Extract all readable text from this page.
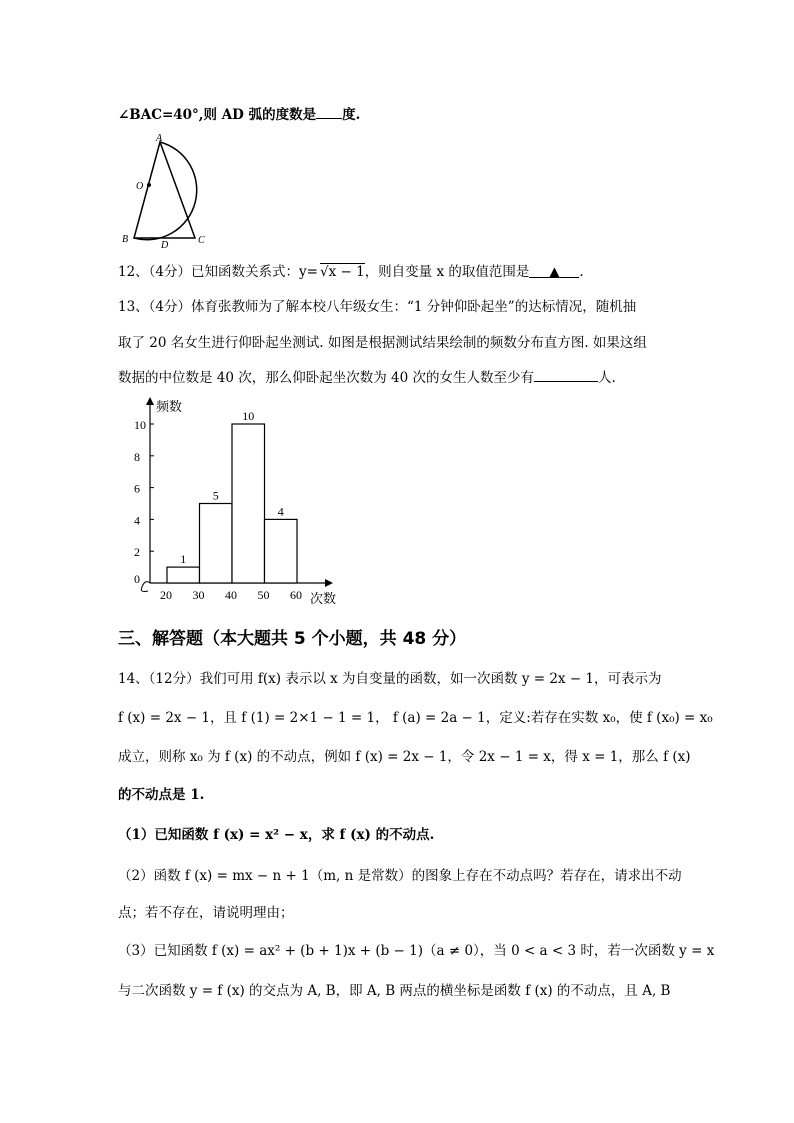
∠BAC=40°,则 AD 弧的度数是 度.
A
O
B
D	C
12、（4分）已知函数关系式：y= √x − 1，则自变量 x 的取值范围是 ▲ .
13、（4分）体育张教师为了解本校八年级女生：“1 分钟仰卧起坐”的达标情况，随机抽
取了 20 名女生进行仰卧起坐测试. 如图是根据测试结果绘制的频数分布直方图. 如果这组
数据的中位数是 40 次，那么仰卧起坐次数为 40 次的女生人数至少有	人.
0
2
4
6
8
10
20 30 40 50 60
1
5
10
4
频数
次数
三、解答题（本大题共 5 个小题，共 48 分）
14、（12分）我们可用 f(x) 表示以 x 为自变量的函数，如一次函数 y = 2x − 1，可表示为
f (x) = 2x − 1，且 f (1) = 2×1 − 1 = 1， f (a) = 2a − 1，定义:若存在实数 x₀，使 f (x₀) = x₀
成立，则称 x₀ 为 f (x) 的不动点，例如 f (x) = 2x − 1，令 2x − 1 = x，得 x = 1，那么 f (x)
的不动点是 1.
（1）已知函数 f (x) = x² − x，求 f (x) 的不动点.
（2）函数 f (x) = mx − n + 1（m, n 是常数）的图象上存在不动点吗？若存在，请求出不动
点；若不存在，请说明理由；
（3）已知函数 f (x) = ax² + (b + 1)x + (b − 1)（a ≠ 0），当 0 < a < 3 时，若一次函数 y = x
与二次函数 y = f (x) 的交点为 A, B，即 A, B 两点的横坐标是函数 f (x) 的不动点，且 A, B
